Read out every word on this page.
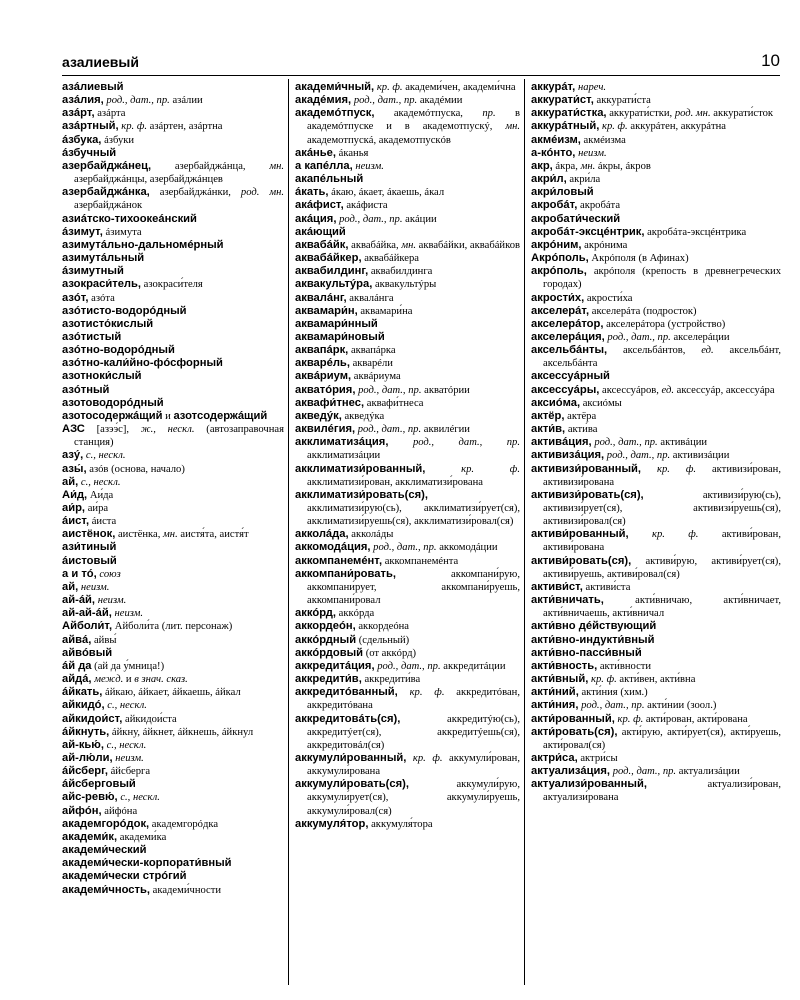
азалиевый	10

aзáлиевый

азáлия, род., дат., пр. азáлии

азáрт, азáрта

азáртный, кр. ф. азáртен, азáртна

áзбука, áзбуки

áзбучный

азербайджáнец, азербайджáнца, мн. азербайджáнцы, азербайджáнцев

азербайджáнка, азербайджáнки, род. мн. азербайджáнок

азиáтско-тихоокеáнский

áзимут, áзимута

азимутáльно-дальномéрный

азимутáльный

áзимутный

азокраси́тель, азокраси́теля

азóт, азóта

азóтисто-водорóдный

азотисто́кислый

азóтистый

азóтно-водорóдный

азóтно-кали́йно-фóсфорный

азотноки́слый

азóтный

азотоводорóдный

азотосодержáщий и азотсодержáщий

АЗС [азээ́с], ж., нескл. (автозаправочная станция)

азý, с., нескл.

азы́, азóв (основа, начало)

ай, с., нескл.

Аи́д, Аи́да

аи́р, аи́ра

áист, áиста

аистёнок, аистёнка, мн. аистя́та, аистя́т

ази́тиный

áистовый

а и тó, союз

ай, неизм.

ай-áй, неизм.

ай-ай-áй, неизм.

Айболи́т, Айболи́та (лит. персонаж)

айвá, айвы́

айвóвый

áй да (ай да у́мница!)

айдá, межд. и в знач. сказ.

áйкать, áйкаю, áйкает, áйкаешь, áйкал

айкидó, с., нескл.

айкидои́ст, айкидои́ста

áйкнуть, áйкну, áйкнет, áйкнешь, áйкнул

ай-кью́, с., нескл.

ай-лю́ли, неизм.

áйсберг, áйсберга

áйсберговый

айс-ревю́, с., нескл.

айфóн, айфóна

академгорóдок, академгорóдка

академи́к, академи́ка

академи́ческий

академи́чески-корпорати́вный

академи́чески стрóгий

академи́чность, академи́чности

академи́чный, кр. ф. академи́чен, академи́чна

акадéмия, род., дат., пр. акадéмии

академóтпуск, академóтпуска, пр. в академóтпуске и в академотпускý, мн. академотпускá, академотпускóв

акáнье, áканья

а капéлла, неизм.

акапéльный

áкать, áкаю, áкает, áкаешь, áкал

акáфист, акáфиста

акáция, род., дат., пр. акáции

акáющий

аквабáйк, аквабáйка, мн. аквабáйки, аквабáйков

аквабáйкер, аквабáйкера

аквабилдинг, аквабилдинга

аквакультýра, аквакультýры

аквалáнг, аквалáнга

аквамари́н, аквамари́на

аквамари́нный

аквамари́новый

аквапáрк, аквапáрка

акварéль, акварéли

аквáриум, аквáриума

акватóрия, род., дат., пр. акватóрии

аквафи́тнес, аквафи́тнеса

акведýк, акведýка

аквилéгия, род., дат., пр. аквилéгии

акклиматизáция, род., дат., пр. акклиматизáции

акклиматизи́рованный,	кр. ф. акклиматизи́рован, акклиматизи́рована

акклиматизи́ровать(ся), акклиматизи́рую(сь), акклиматизи́рует(ся), акклиматизи́руешь(ся), акклиматизи́ровал(ся)

акколáда, акколáды

аккомодáция, род., дат., пр. аккомодáции

аккомпанемéнт, аккомпанемéнта

аккомпани́ровать, аккомпани́рую, аккомпани́рует, аккомпани́руешь, аккомпани́ровал

аккóрд, аккóрда

аккордеóн, аккордеóна

аккóрдный (сдельный)

аккóрдовый (от аккóрд)

аккредитáция, род., дат., пр. аккредитáции

аккредити́в, аккредити́ва

аккредитóванный, кр. ф. аккредитóван, аккредитóвана

аккредитовáть(ся), аккредитýю(сь), аккредитýет(ся), аккредитýешь(ся), аккредитовáл(ся)

аккумули́рованный, кр. ф. аккумули́рован, аккумули́рована

аккумули́ровать(ся), аккумули́рую, аккумули́рует(ся), аккумули́руешь, аккумули́ровал(ся)

аккумуля́тор, аккумуля́тора

аккурáт, нареч.

аккурати́ст, аккурати́ста

аккурати́стка, аккурати́стки, род. мн. аккурати́сток

аккурáтный, кр. ф. аккурáтен, аккурáтна

акмéизм, акмéизма

а-кóнто, неизм.

акр, áкра, мн. áкры, áкров

акри́л, акри́ла

акри́ловый

акробáт, акробáта

акробати́ческий

акробáт-эксцéнтрик, акробáта-эксцéнтрика

акрóним, акрóнима

Акрóполь, Акрóполя (в Афинах)

акрóполь, акрóполя (крепость в древнегреческих городах)

акрости́х, акрости́ха

акселерáт, акселерáта (подросток)

акселерáтор, акселерáтора (устройство)

акселерáция, род., дат., пр. акселерáции

аксельбáнты, аксельбáнтов, ед. аксельбáнт, аксельбáнта

аксессуáрный

аксессуáры, аксессуáров, ед. аксессуáр, аксессуáра

аксиóма, аксиóмы

актёр, актёра

акти́в, акти́ва

активáция, род., дат., пр. активáции

активизáция, род., дат., пр. активизáции

активизи́рованный, кр. ф. активизи́рован, активизи́рована

активизи́ровать(ся), активизи́рую(сь), активизи́рует(ся), активизи́руешь(ся), активизи́ровал(ся)

активи́рованный, кр. ф. активи́рован, активи́рована

активи́ровать(ся), активи́рую, активи́рует(ся), активи́руешь, активи́ровал(ся)

активи́ст, активи́ста

акти́вничать, акти́вничаю, акти́вничает, акти́вничаешь, акти́вничал

акти́вно дéйствующий

акти́вно-индукти́вный

акти́вно-пасси́вный

акти́вность, акти́вности

акти́вный, кр. ф. акти́вен, акти́вна

акти́ний, акти́ния (хим.)

акти́ния, род., дат., пр. акти́нии (зоол.)

акти́рованный, кр. ф. акти́рован, акти́рована

акти́ровать(ся), акти́рую, акти́рует(ся), акти́руешь, акти́ровал(ся)

актри́са, актри́сы

актуализáция, род., дат., пр. актуализáции

актуализи́рованный, актуализи́рован, актуализи́рована
